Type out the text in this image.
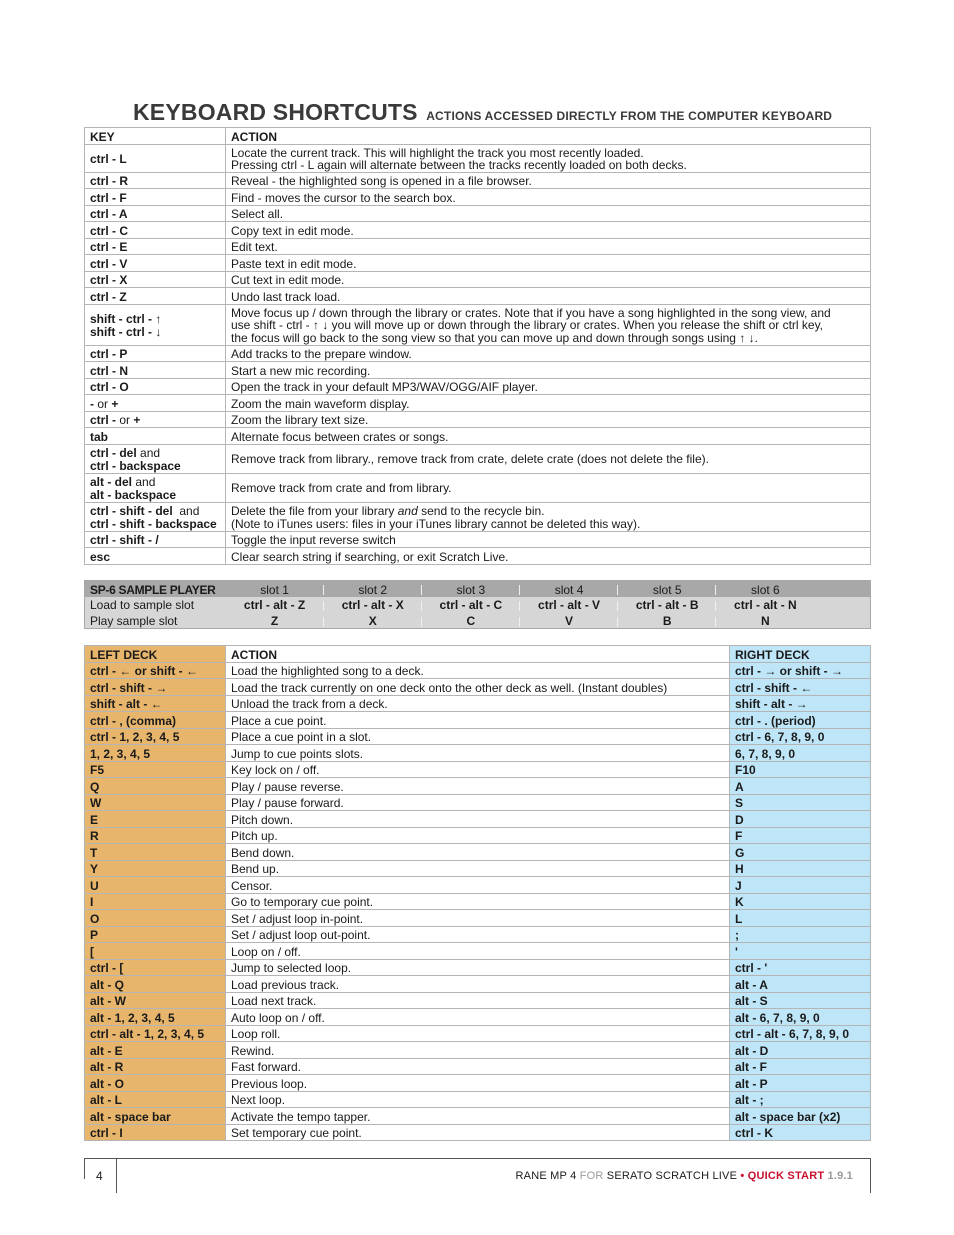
KEYBOARD SHORTCUTS ACTIONS ACCESSED DIRECTLY FROM THE COMPUTER KEYBOARD
KEY	ACTION
ctrl - L	Locate the current track. This will highlight the track you most recently loaded.
Pressing ctrl - L again will alternate between the tracks recently loaded on both decks.
ctrl - R	Reveal - the highlighted song is opened in a file browser.
ctrl - F	Find - moves the cursor to the search box.
ctrl - A	Select all.
ctrl - C	Copy text in edit mode.
ctrl - E	Edit text.
ctrl - V	Paste text in edit mode.
ctrl - X	Cut text in edit mode.
ctrl - Z	Undo last track load.
shift - ctrl - ↑
shift - ctrl - ↓	Move focus up / down through the library or crates. Note that if you have a song highlighted in the song view, and
use shift - ctrl - ↑ ↓ you will move up or down through the library or crates. When you release the shift or ctrl key,
the focus will go back to the song view so that you can move up and down through songs using ↑ ↓.
ctrl - P	Add tracks to the prepare window.
ctrl - N	Start a new mic recording.
ctrl - O	Open the track in your default MP3/WAV/OGG/AIF player.
- or +	Zoom the main waveform display.
ctrl - or +	Zoom the library text size.
tab	Alternate focus between crates or songs.
ctrl - del and
ctrl - backspace	Remove track from library., remove track from crate, delete crate (does not delete the file).
alt - del and
alt - backspace	Remove track from crate and from library.
ctrl - shift - del and
ctrl - shift - backspace	Delete the file from your library and send to the recycle bin.
(Note to iTunes users: files in your iTunes library cannot be deleted this way).
ctrl - shift - /	Toggle the input reverse switch
esc	Clear search string if searching, or exit Scratch Live.
SP-6 SAMPLE PLAYER	slot 1	slot 2	slot 3	slot 4	slot 5	slot 6	
Load to sample slot	ctrl - alt - Z	ctrl - alt - X	ctrl - alt - C	ctrl - alt - V	ctrl - alt - B	ctrl - alt - N	
Play sample slot	Z	X	C	V	B	N	
LEFT DECK	ACTION	RIGHT DECK
ctrl - ← or shift - ←	Load the highlighted song to a deck.	ctrl - → or shift - →
ctrl - shift - →	Load the track currently on one deck onto the other deck as well. (Instant doubles)	ctrl - shift - ←
shift - alt - ←	Unload the track from a deck.	shift - alt - →
ctrl - , (comma)	Place a cue point.	ctrl - . (period)
ctrl - 1, 2, 3, 4, 5	Place a cue point in a slot.	ctrl - 6, 7, 8, 9, 0
1, 2, 3, 4, 5	Jump to cue points slots.	6, 7, 8, 9, 0
F5	Key lock on / off.	F10
Q	Play / pause reverse.	A
W	Play / pause forward.	S
E	Pitch down.	D
R	Pitch up.	F
T	Bend down.	G
Y	Bend up.	H
U	Censor.	J
I	Go to temporary cue point.	K
O	Set / adjust loop in-point.	L
P	Set / adjust loop out-point.	;
[	Loop on / off.	'
ctrl - [	Jump to selected loop.	ctrl - '
alt - Q	Load previous track.	alt - A
alt - W	Load next track.	alt - S
alt - 1, 2, 3, 4, 5	Auto loop on / off.	alt - 6, 7, 8, 9, 0
ctrl - alt - 1, 2, 3, 4, 5	Loop roll.	ctrl - alt - 6, 7, 8, 9, 0
alt - E	Rewind.	alt - D
alt - R	Fast forward.	alt - F
alt - O	Previous loop.	alt - P
alt - L	Next loop.	alt - ;
alt - space bar	Activate the tempo tapper.	alt - space bar (x2)
ctrl - I	Set temporary cue point.	ctrl - K
4	RANE MP 4 FOR SERATO SCRATCH LIVE • QUICK START 1.9.1
